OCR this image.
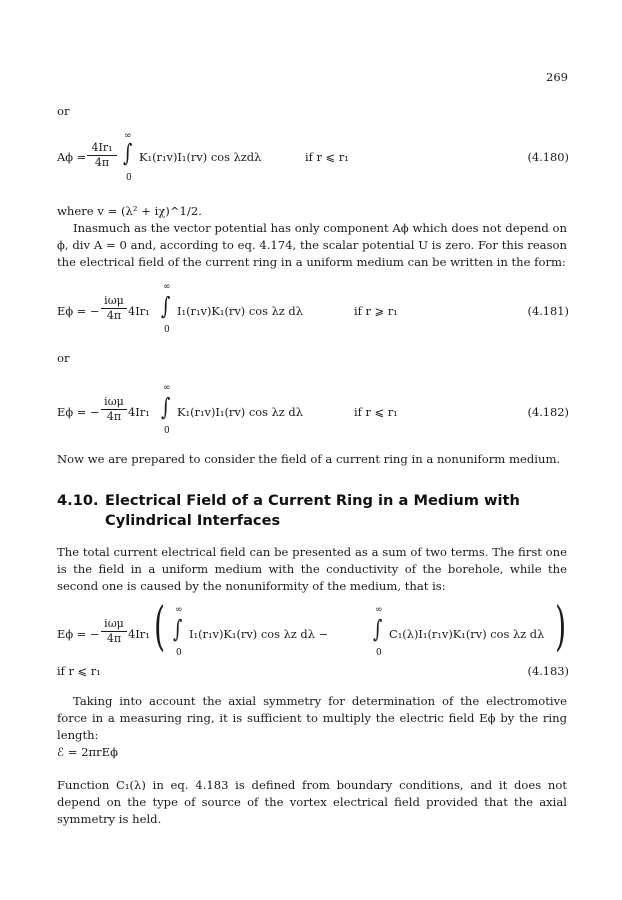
269
or
Aϕ =
4Ir₁
4π
∞
∫
0
K₁(r₁v)I₁(rv) cos λzdλ	if r ⩽ r₁	(4.180)
where v = (λ² + iχ)^1/2.
Inasmuch as the vector potential has only component Aϕ which does not depend on ϕ, div A = 0 and, according to eq. 4.174, the scalar potential U is zero. For this reason the electrical field of the current ring in a uniform medium can be written in the form:
Eϕ = −
iωμ
4π 4Ir₁
∞
∫
0
I₁(r₁v)K₁(rv) cos λz dλ	if r ⩾ r₁	(4.181)
or
Eϕ = −
iωμ
4π 4Ir₁
∞
∫
0
K₁(r₁v)I₁(rv) cos λz dλ	if r ⩽ r₁	(4.182)
Now we are prepared to consider the field of a current ring in a nonuniform medium.
4.10. Electrical Field of a Current Ring in a Medium with
Cylindrical Interfaces
The total current electrical field can be presented as a sum of two terms. The first one is the field in a uniform medium with the conductivity of the borehole, while the second one is caused by the nonuniformity of the medium, that is:
Eϕ = −
iωμ
4π 4Ir₁ ( ∞
∫
0
I₁(r₁v)K₁(rv) cos λz dλ −
∞
∫
0
C₁(λ)I₁(r₁v)K₁(rv) cos λz dλ )
if r ⩽ r₁	(4.183)
Taking into account the axial symmetry for determination of the electromotive force in a measuring ring, it is sufficient to multiply the electric field Eϕ by the ring length:
ℰ = 2πrEϕ
Function C₁(λ) in eq. 4.183 is defined from boundary conditions, and it does not depend on the type of source of the vortex electrical field provided that the axial symmetry is held.
